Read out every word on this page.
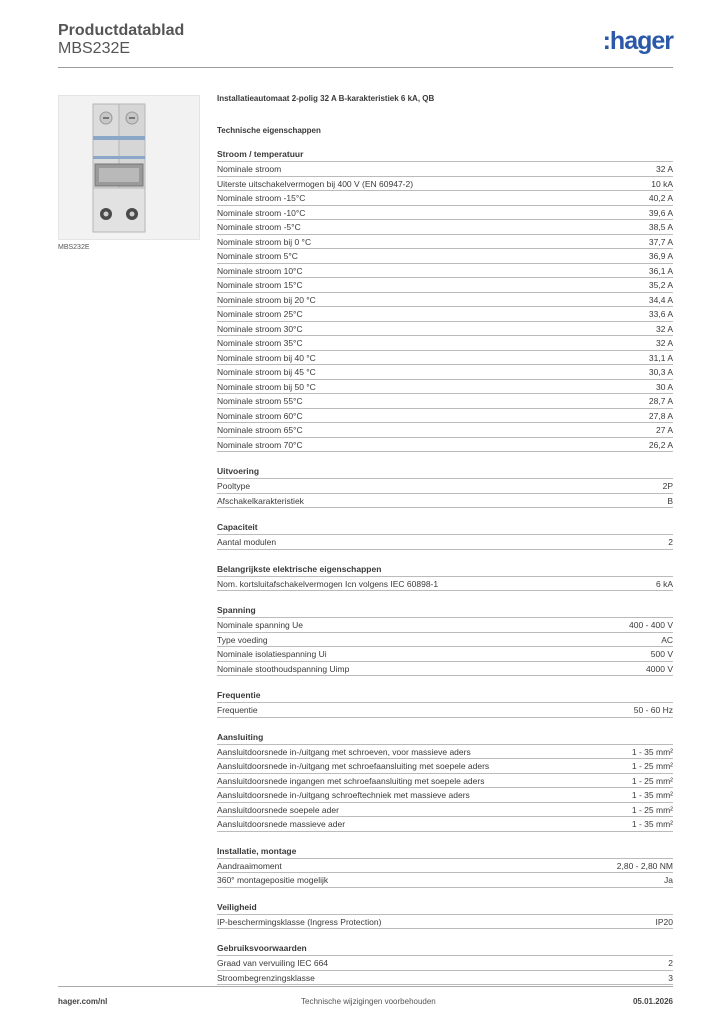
Productdatablad
MBS232E	:hager
MBS232E
Installatieautomaat 2-polig 32 A B-karakteristiek 6 kA, QB
Technische eigenschappen
Stroom / temperatuur
Nominale stroom	32 A
Uiterste uitschakelvermogen bij 400 V (EN 60947-2)	10 kA
Nominale stroom -15°C	40,2 A
Nominale stroom -10°C	39,6 A
Nominale stroom -5°C	38,5 A
Nominale stroom bij 0 °C	37,7 A
Nominale stroom 5°C	36,9 A
Nominale stroom 10°C	36,1 A
Nominale stroom 15°C	35,2 A
Nominale stroom bij 20 °C	34,4 A
Nominale stroom 25°C	33,6 A
Nominale stroom 30°C	32 A
Nominale stroom 35°C	32 A
Nominale stroom bij 40 °C	31,1 A
Nominale stroom bij 45 °C	30,3 A
Nominale stroom bij 50 °C	30 A
Nominale stroom 55°C	28,7 A
Nominale stroom 60°C	27,8 A
Nominale stroom 65°C	27 A
Nominale stroom 70°C	26,2 A
Uitvoering
Pooltype	2P
Afschakelkarakteristiek	B
Capaciteit
Aantal modulen	2
Belangrijkste elektrische eigenschappen
Nom. kortsluitafschakelvermogen Icn volgens IEC 60898-1	6 kA
Spanning
Nominale spanning Ue	400 - 400 V
Type voeding	AC
Nominale isolatiespanning Ui	500 V
Nominale stoothoudspanning Uimp	4000 V
Frequentie
Frequentie	50 - 60 Hz
Aansluiting
Aansluitdoorsnede in-/uitgang met schroeven, voor massieve aders	1 - 35 mm²
Aansluitdoorsnede in-/uitgang met schroefaansluiting met soepele aders	1 - 25 mm²
Aansluitdoorsnede ingangen met schroefaansluiting met soepele aders	1 - 25 mm²
Aansluitdoorsnede in-/uitgang schroeftechniek met massieve aders	1 - 35 mm²
Aansluitdoorsnede soepele ader	1 - 25 mm²
Aansluitdoorsnede massieve ader	1 - 35 mm²
Installatie, montage
Aandraaimoment	2,80 - 2,80 NM
360° montagepositie mogelijk	Ja
Veiligheid
IP-beschermingsklasse (Ingress Protection)	IP20
Gebruiksvoorwaarden
Graad van vervuiling IEC 664	2
Stroombegrenzingsklasse	3
hager.com/nl	Technische wijzigingen voorbehouden	05.01.2026
